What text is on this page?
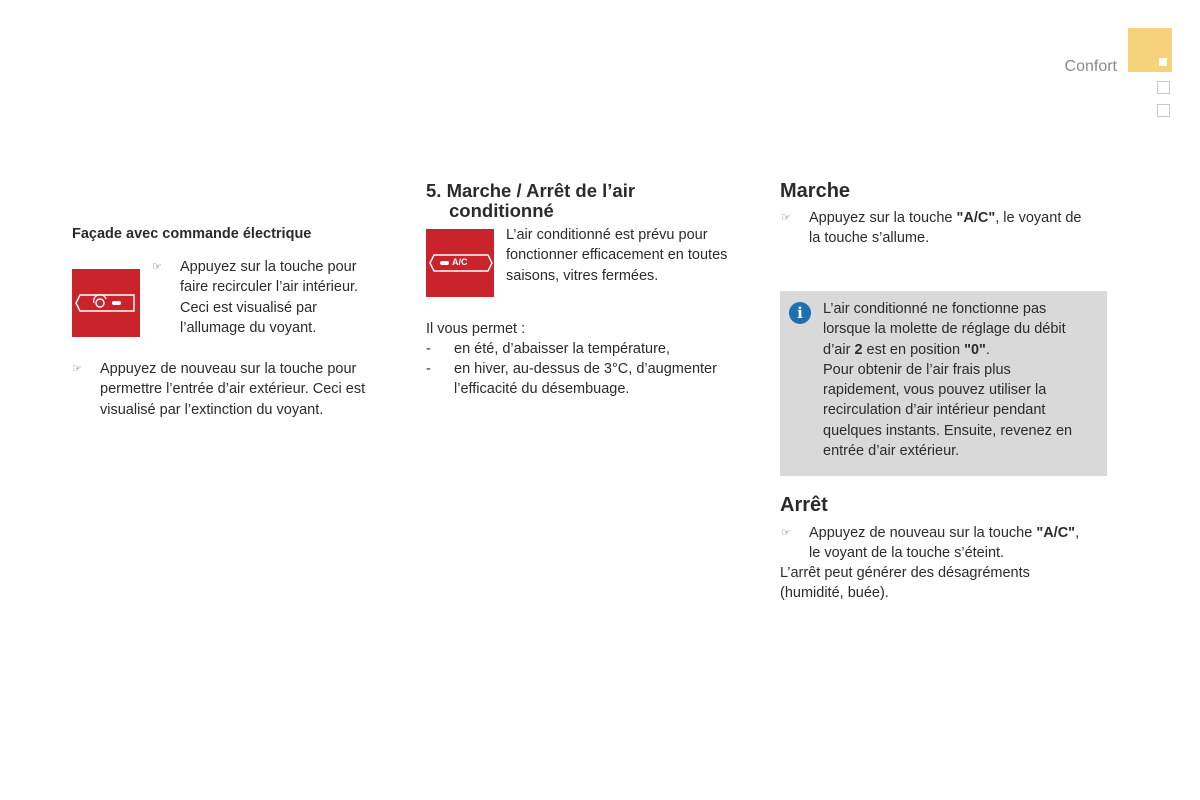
Confort
Façade avec commande électrique
☞ Appuyez sur la touche pour
faire recirculer l’air intérieur.
Ceci est visualisé par
l’allumage du voyant.
☞ Appuyez de nouveau sur la touche pour
permettre l’entrée d’air extérieur. Ceci est
visualisé par l’extinction du voyant.
5. Marche / Arrêt de l’air
conditionné
A/C
L’air conditionné est prévu pour
fonctionner efficacement en toutes
saisons, vitres fermées.
Il vous permet :
- en été, d’abaisser la température,
- en hiver, au-dessus de 3°C, d’augmenter
l’efficacité du désembuage.
Marche
☞ Appuyez sur la touche "A/C", le voyant de
la touche s’allume.
i	L’air conditionné ne fonctionne pas
lorsque la molette de réglage du débit
d’air 2 est en position "0".
Pour obtenir de l’air frais plus
rapidement, vous pouvez utiliser la
recirculation d’air intérieur pendant
quelques instants. Ensuite, revenez en
entrée d’air extérieur.
Arrêt
☞ Appuyez de nouveau sur la touche "A/C",
le voyant de la touche s’éteint.
L’arrêt peut générer des désagréments
(humidité, buée).
